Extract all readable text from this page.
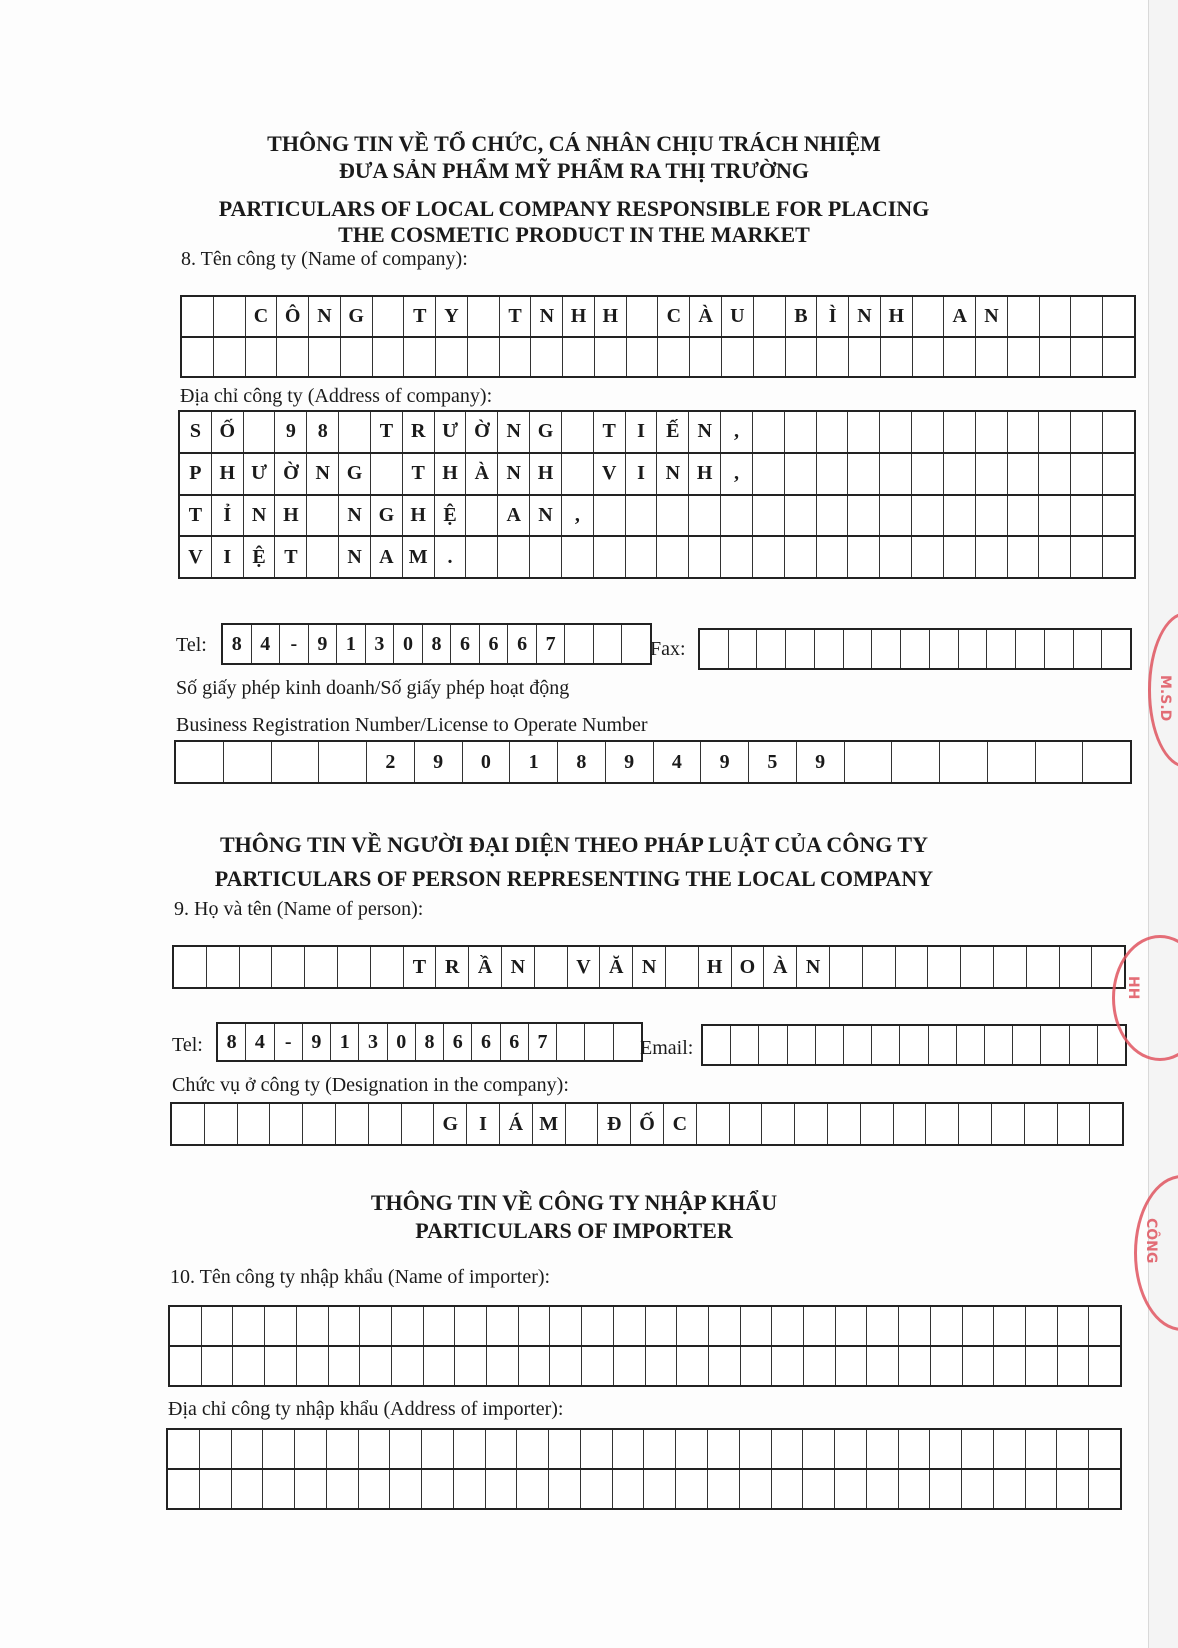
THÔNG TIN VỀ TỔ CHỨC, CÁ NHÂN CHỊU TRÁCH NHIỆM
ĐƯA SẢN PHẨM MỸ PHẨM RA THỊ TRƯỜNG
PARTICULARS OF LOCAL COMPANY RESPONSIBLE FOR PLACING
THE COSMETIC PRODUCT IN THE MARKET
8. Tên công ty (Name of company):
C Ô N G	T Y	T N H H	C À U	B	Ì	N H	A N
Địa chỉ công ty (Address of company):
S Ố	9	8	T R Ư Ờ N G	T	I	Ế N	,
P H Ư Ờ N G	T H À N H	V	I	N H	,
T	Ỉ	N H	N G H Ệ	A N	,
V	I	Ệ T	N A M .
Tel:	8 4	-	9 1 3 0 8 6 6 6 7	Fax:
Số giấy phép kinh doanh/Số giấy phép hoạt động
Business Registration Number/License to Operate Number
2	9	0	1	8	9	4	9	5	9
THÔNG TIN VỀ NGƯỜI ĐẠI DIỆN THEO PHÁP LUẬT CỦA CÔNG TY
PARTICULARS OF PERSON REPRESENTING THE LOCAL COMPANY
9. Họ và tên (Name of person):
T R Ầ N	V Ă N	H O À N
Tel:	8 4 - 9 1 3 0 8 6 6 6 7	Email:
Chức vụ ở công ty (Designation in the company):
G	I	Á M	Đ Ố C
THÔNG TIN VỀ CÔNG TY NHẬP KHẨU
PARTICULARS OF IMPORTER
10. Tên công ty nhập khẩu (Name of importer):
Địa chỉ công ty nhập khẩu (Address of importer):
M.S.D
HH
CÔNG
